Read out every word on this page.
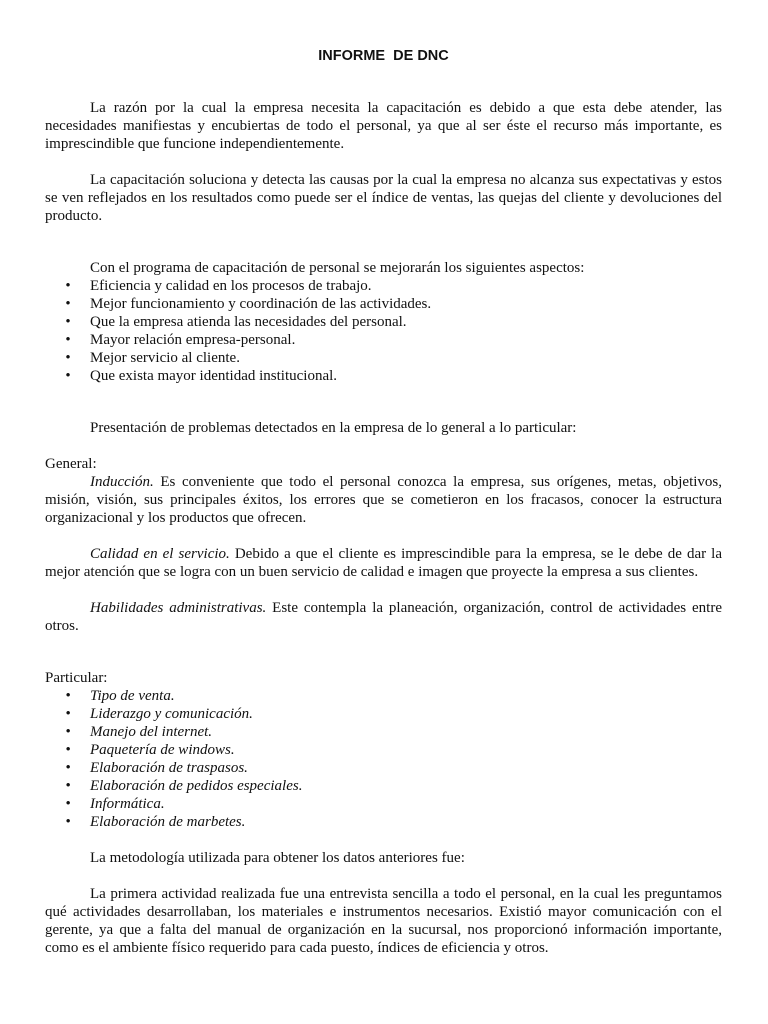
INFORME  DE DNC

La razón por la cual la empresa necesita la capacitación es debido a que esta debe atender, las necesidades manifiestas y encubiertas de todo el personal, ya que al ser éste el recurso más importante, es imprescindible que funcione independientemente.

La capacitación soluciona y detecta las causas por la cual la empresa no alcanza sus expectativas y estos se ven reflejados en los resultados como puede ser el índice de ventas, las quejas del cliente y devoluciones del producto.

Con el programa de capacitación de personal se mejorarán los siguientes aspectos:

• Eficiencia y calidad en los procesos de trabajo.
• Mejor funcionamiento y coordinación de las actividades.
• Que la empresa atienda las necesidades del personal.
• Mayor relación empresa-personal.
• Mejor servicio al cliente.
• Que exista mayor identidad institucional.

Presentación de problemas detectados en la empresa de lo general a lo particular:

General:

Inducción. Es conveniente que todo el personal conozca la empresa, sus orígenes, metas, objetivos, misión, visión, sus principales éxitos, los errores que se cometieron en los fracasos, conocer la estructura organizacional y los productos que ofrecen.

Calidad en el servicio. Debido a que el cliente es imprescindible para la empresa, se le debe de dar la mejor atención que se logra con un buen servicio de calidad e imagen que proyecte la empresa a sus clientes.

Habilidades administrativas. Este contempla la planeación, organización, control de actividades entre otros.

Particular:

• Tipo de venta.
• Liderazgo y comunicación.
• Manejo del internet.
• Paquetería de windows.
• Elaboración de traspasos.
• Elaboración de pedidos especiales.
• Informática.
• Elaboración de marbetes.

La metodología utilizada para obtener los datos anteriores fue:

La primera actividad realizada fue una entrevista sencilla a todo el personal, en la cual les preguntamos qué actividades desarrollaban, los materiales e instrumentos necesarios. Existió mayor comunicación con el gerente, ya que a falta del manual de organización en la sucursal, nos proporcionó información importante, como es el ambiente físico requerido para cada puesto, índices de eficiencia y otros.
